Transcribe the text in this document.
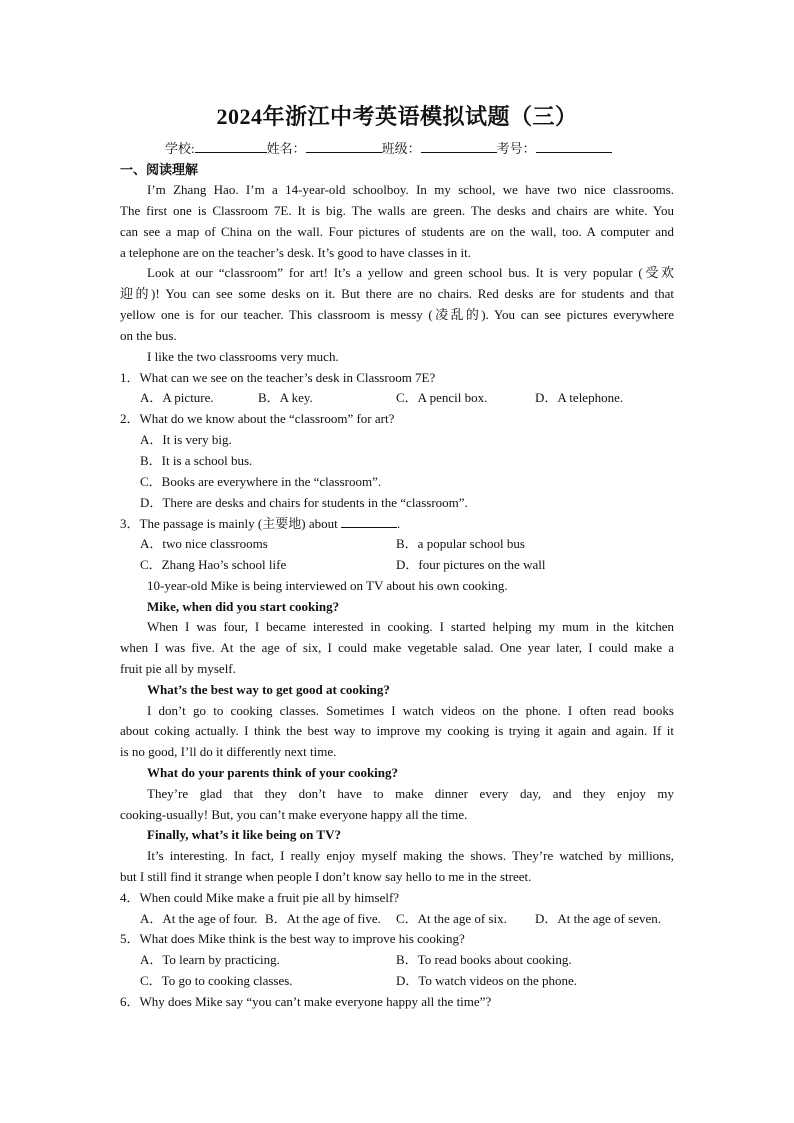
2024年浙江中考英语模拟试题（三）
学校:	姓名：	班级：	考号：
一、阅读理解
I’m Zhang Hao. I’m a 14-year-old schoolboy. In my school, we have two nice classrooms.
The first one is Classroom 7E. It is big. The walls are green. The desks and chairs are white. You
can see a map of China on the wall. Four pictures of students are on the wall, too. A computer and
a telephone are on the teacher’s desk. It’s good to have classes in it.
Look at our “classroom” for art! It’s a yellow and green school bus. It is very popular (受欢
迎的)! You can see some desks on it. But there are no chairs. Red desks are for students and that
yellow one is for our teacher. This classroom is messy (凌乱的). You can see pictures everywhere
on the bus.
I like the two classrooms very much.
1．What can we see on the teacher’s desk in Classroom 7E?
A．A picture.	B．A key.	C．A pencil box.	D．A telephone.
2．What do we know about the “classroom” for art?
A．It is very big.
B．It is a school bus.
C．Books are everywhere in the “classroom”.
D．There are desks and chairs for students in the “classroom”.
3．The passage is mainly (主要地) about	.
A．two nice classrooms	B．a popular school bus
C．Zhang Hao’s school life	D．four pictures on the wall
10-year-old Mike is being interviewed on TV about his own cooking.
Mike, when did you start cooking?
When I was four, I became interested in cooking. I started helping my mum in the kitchen
when I was five. At the age of six, I could make vegetable salad. One year later, I could make a
fruit pie all by myself.
What’s the best way to get good at cooking?
I don’t go to cooking classes. Sometimes I watch videos on the phone. I often read books
about coking actually. I think the best way to improve my cooking is trying it again and again. If it
is no good, I’ll do it differently next time.
What do your parents think of your cooking?
They’re glad that they don’t have to make dinner every day, and they enjoy my
cooking-usually! But, you can’t make everyone happy all the time.
Finally, what’s it like being on TV?
It’s interesting. In fact, I really enjoy myself making the shows. They’re watched by millions,
but I still find it strange when people I don’t know say hello to me in the street.
4．When could Mike make a fruit pie all by himself?
A．At the age of four. B．At the age of five. C．At the age of six. D．At the age of seven.
5．What does Mike think is the best way to improve his cooking?
A．To learn by practicing.	B．To read books about cooking.
C．To go to cooking classes.	D．To watch videos on the phone.
6．Why does Mike say “you can’t make everyone happy all the time”?
